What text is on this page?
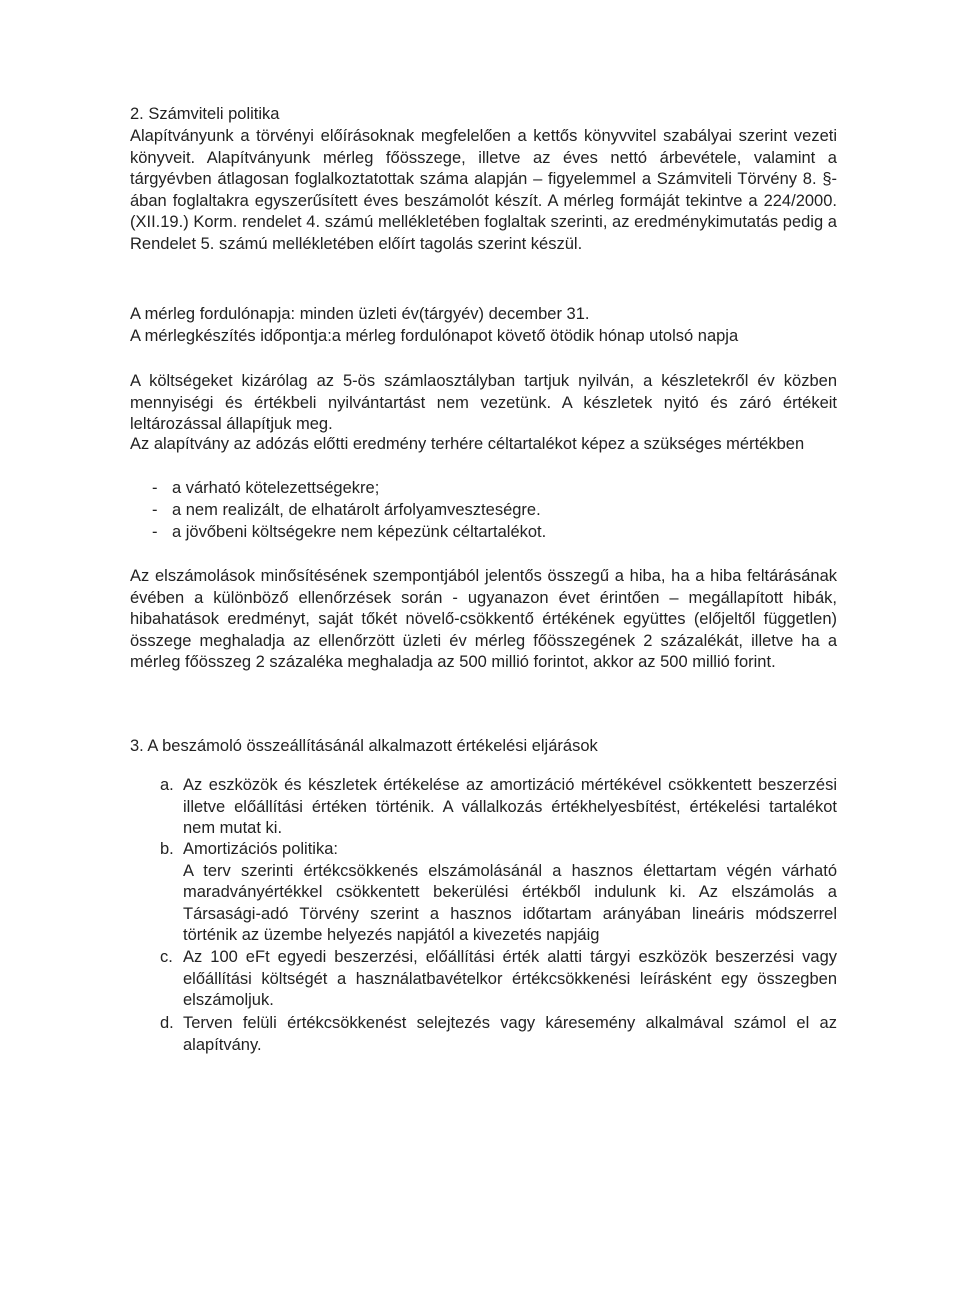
2. Számviteli politika
Alapítványunk a törvényi előírásoknak megfelelően a kettős könyvvitel szabályai szerint vezeti könyveit. Alapítványunk mérleg főösszege, illetve az éves nettó árbevétele, valamint a tárgyévben átlagosan foglalkoztatottak száma alapján – figyelemmel a Számviteli Törvény 8. §-ában foglaltakra egyszerűsített éves beszámolót készít. A mérleg formáját tekintve a 224/2000. (XII.19.) Korm. rendelet 4. számú mellékletében foglaltak szerinti, az eredménykimutatás pedig a Rendelet 5. számú mellékletében előírt tagolás szerint készül.
A mérleg fordulónapja: minden üzleti év(tárgyév) december 31.
A mérlegkészítés időpontja:a mérleg fordulónapot követő ötödik hónap utolsó napja
A költségeket kizárólag az 5-ös számlaosztályban tartjuk nyilván, a készletekről év közben mennyiségi és értékbeli nyilvántartást nem vezetünk. A készletek nyitó és záró értékeit leltározással állapítjuk meg.
Az alapítvány az adózás előtti eredmény terhére céltartalékot képez a szükséges mértékben
- a várható kötelezettségekre;
- a nem realizált, de elhatárolt árfolyamveszteségre.
- a jövőbeni költségekre nem képezünk céltartalékot.
Az elszámolások minősítésének szempontjából jelentős összegű a hiba, ha a hiba feltárásának évében a különböző ellenőrzések során - ugyanazon évet érintően – megállapított hibák, hibahatások eredményt, saját tőkét növelő-csökkentő értékének együttes (előjeltől független) összege meghaladja az ellenőrzött üzleti év mérleg főösszegének 2 százalékát, illetve ha a mérleg főösszeg 2 százaléka meghaladja az 500 millió forintot, akkor az 500 millió forint.
3. A beszámoló összeállításánál alkalmazott értékelési eljárások
a. Az eszközök és készletek értékelése az amortizáció mértékével csökkentett beszerzési illetve előállítási értéken történik. A vállalkozás értékhelyesbítést, értékelési tartalékot nem mutat ki.
b. Amortizációs politika:
A terv szerinti értékcsökkenés elszámolásánál a hasznos élettartam végén várható maradványértékkel csökkentett bekerülési értékből indulunk ki. Az elszámolás a Társasági-adó Törvény szerint a hasznos időtartam arányában lineáris módszerrel történik az üzembe helyezés napjától a kivezetés napjáig
c. Az 100 eFt egyedi beszerzési, előállítási érték alatti tárgyi eszközök beszerzési vagy előállítási költségét a használatbavételkor értékcsökkenési leírásként egy összegben elszámoljuk.
d. Terven felüli értékcsökkenést selejtezés vagy káresemény alkalmával számol el az alapítvány.
